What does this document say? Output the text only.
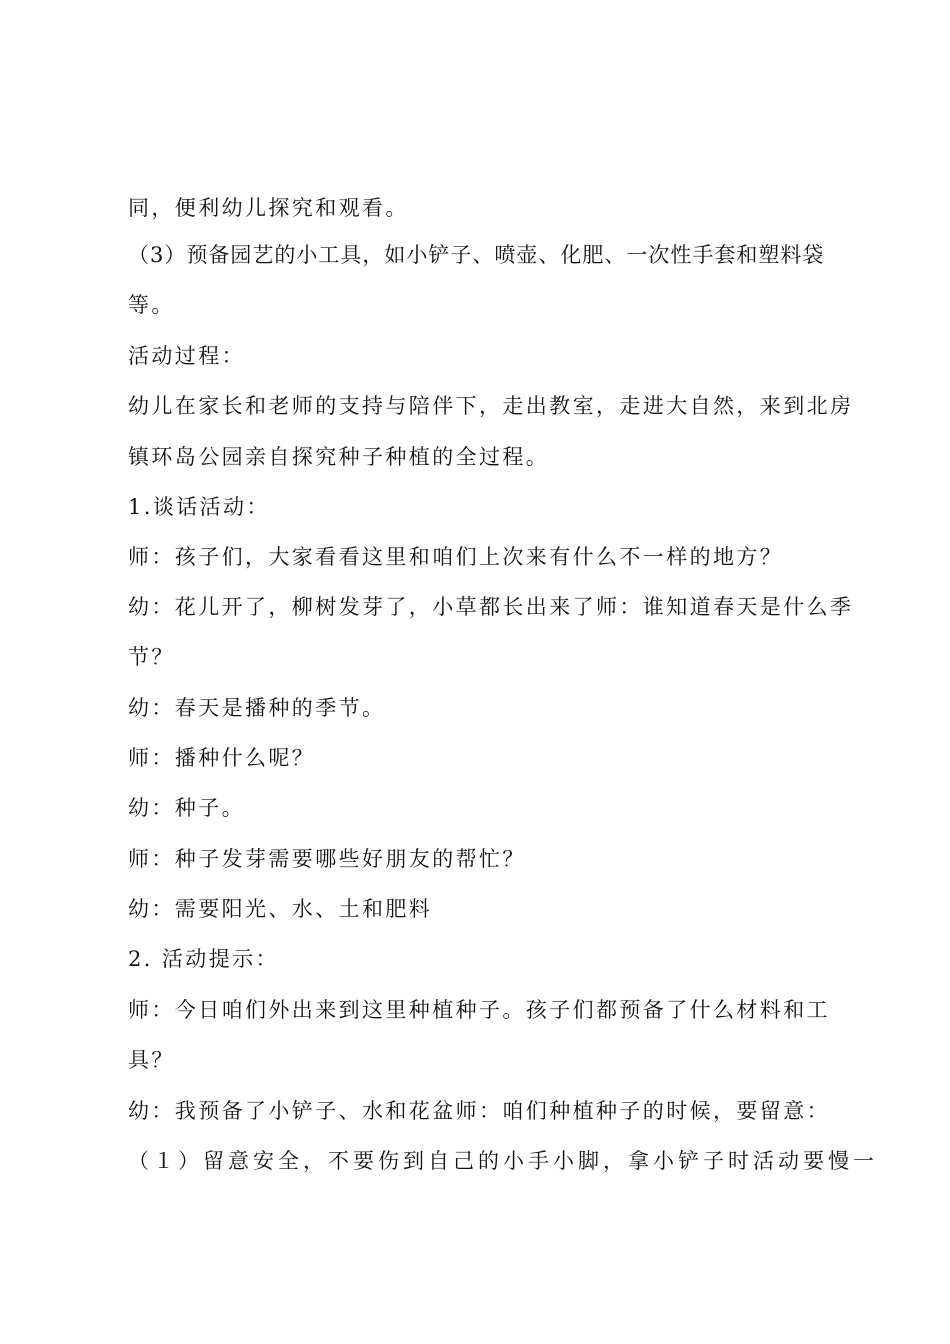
同，便利幼儿探究和观看。
（3）预备园艺的小工具，如小铲子、喷壶、化肥、一次性手套和塑料袋
等。
活动过程：
幼儿在家长和老师的支持与陪伴下，走出教室，走进大自然，来到北房
镇环岛公园亲自探究种子种植的全过程。
1.谈话活动：
师：孩子们，大家看看这里和咱们上次来有什么不一样的地方？
幼：花儿开了，柳树发芽了，小草都长出来了师：谁知道春天是什么季
节？
幼：春天是播种的季节。
师：播种什么呢？
幼：种子。
师：种子发芽需要哪些好朋友的帮忙？
幼：需要阳光、水、土和肥料
2. 活动提示：
师：今日咱们外出来到这里种植种子。孩子们都预备了什么材料和工
具？
幼：我预备了小铲子、水和花盆师：咱们种植种子的时候，要留意：
（１）留意安全，不要伤到自己的小手小脚，拿小铲子时活动要慢一
